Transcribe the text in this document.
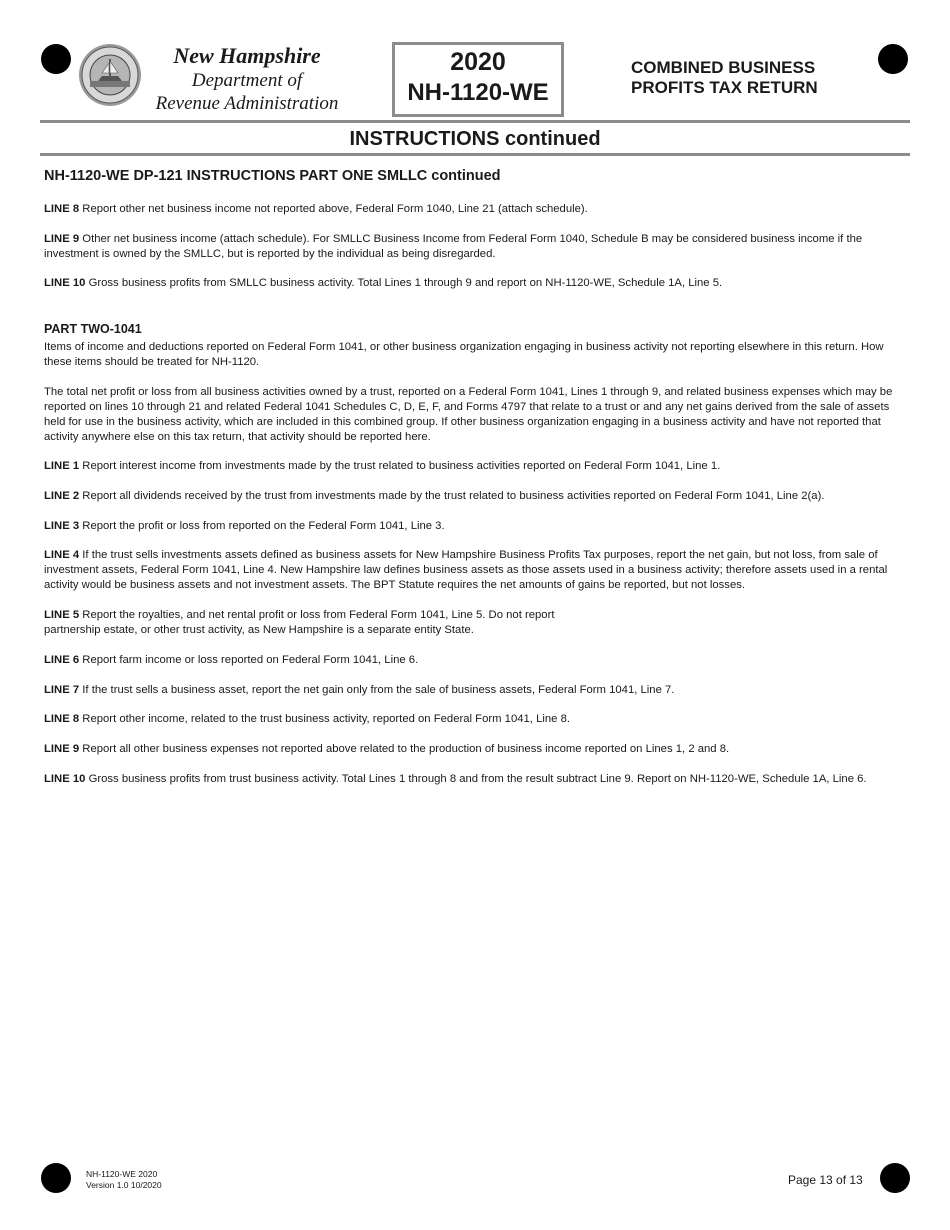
New Hampshire
Department of
Revenue Administration
2020
NH-1120-WE
COMBINED BUSINESS
PROFITS TAX RETURN
INSTRUCTIONS continued
NH-1120-WE DP-121 INSTRUCTIONS PART ONE SMLLC continued

LINE 8 Report other net business income not reported above, Federal Form 1040, Line 21 (attach schedule).

LINE 9 Other net business income (attach schedule). For SMLLC Business Income from Federal Form 1040, Schedule B may be considered business income if the investment is owned by the SMLLC, but is reported by the individual as being disregarded.

LINE 10 Gross business profits from SMLLC business activity. Total Lines 1 through 9 and report on NH-1120-WE, Schedule 1A, Line 5.

PART TWO-1041

Items of income and deductions reported on Federal Form 1041, or other business organization engaging in business activity not reporting elsewhere in this return. How these items should be treated for NH-1120.

The total net profit or loss from all business activities owned by a trust, reported on a Federal Form 1041, Lines 1 through 9, and related business expenses which may be reported on lines 10 through 21 and related Federal 1041 Schedules C, D, E, F, and Forms 4797 that relate to a trust or and any net gains derived from the sale of assets held for use in the business activity, which are included in this combined group. If other business organization engaging in a business activity and have not reported that activity anywhere else on this tax return, that activity should be reported here.

LINE 1 Report interest income from investments made by the trust related to business activities reported on Federal Form 1041, Line 1.

LINE 2 Report all dividends received by the trust from investments made by the trust related to business activities reported on Federal Form 1041, Line 2(a).

LINE 3 Report the profit or loss from reported on the Federal Form 1041, Line 3.

LINE 4 If the trust sells investments assets defined as business assets for New Hampshire Business Profits Tax purposes, report the net gain, but not loss, from sale of investment assets, Federal Form 1041, Line 4. New Hampshire law defines business assets as those assets used in a business activity; therefore assets used in a rental activity would be business assets and not investment assets. The BPT Statute requires the net amounts of gains be reported, but not losses.

LINE 5 Report the royalties, and net rental profit or loss from Federal Form 1041, Line 5. Do not report
partnership estate, or other trust activity, as New Hampshire is a separate entity State.

LINE 6 Report farm income or loss reported on Federal Form 1041, Line 6.

LINE 7 If the trust sells a business asset, report the net gain only from the sale of business assets, Federal Form 1041, Line 7.

LINE 8 Report other income, related to the trust business activity, reported on Federal Form 1041, Line 8.

LINE 9 Report all other business expenses not reported above related to the production of business income reported on Lines 1, 2 and 8.

LINE 10 Gross business profits from trust business activity. Total Lines 1 through 8 and from the result subtract Line 9. Report on NH-1120-WE, Schedule 1A, Line 6.

NH-1120-WE 2020
Version 1.0 10/2020	Page 13 of 13
